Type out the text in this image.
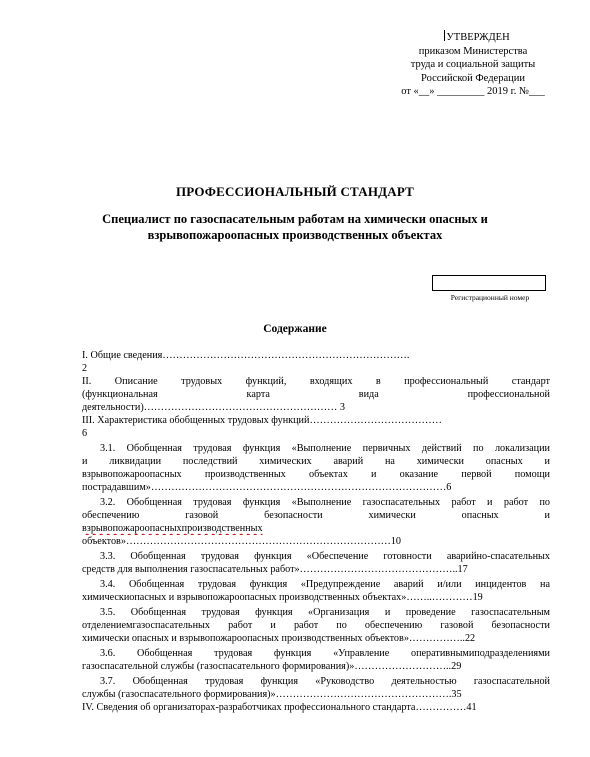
УТВЕРЖДЕН
приказом Министерства
труда и социальной защиты
Российской Федерации
от «__» _________ 2019 г. №___
ПРОФЕССИОНАЛЬНЫЙ СТАНДАРТ
Специалист по газоспасательным работам на химически опасных и
взрывопожароопасных производственных объектах
Регистрационный номер
Содержание
I. Общие сведения……………………………………………………………….
2
II. Описание трудовых функций, входящих в профессиональный стандарт
(функциональная карта вида профессиональной
деятельности)………………………………………………… 3
III. Характеристика обобщенных трудовых функций…………………………………
6
3.1. Обобщенная трудовая функция «Выполнение первичных действий по локализации
и ликвидации последствий химических аварий на химически опасных и
взрывопожароопасных производственных объектах и оказание первой помощи
пострадавшим»……………………………………………………………………………6
3.2. Обобщенная трудовая функция «Выполнение газоспасательных работ и работ по
обеспечению газовой безопасности химически опасных и
взрывопожароопасныхпроизводственных
объектов»……………………………………………………………………10
3.3. Обобщенная трудовая функция «Обеспечение готовности аварийно-спасательных
средств для выполнения газоспасательных работ»………………………………………..17
3.4. Обобщенная трудовая функция «Предупреждение аварий и/или инцидентов на
химическиопасных и взрывопожароопасных производственных объектах»……..…………19
3.5. Обобщенная трудовая функция «Организация и проведение газоспасательным
отделениемгазоспасательных работ и работ по обеспечению газовой безопасности
химически опасных и взрывопожароопасных производственных объектов»……………..22
3.6. Обобщенная трудовая функция «Управление оперативнымиподразделениями
газоспасательной службы (газоспасательного формирования)»………………………..29
3.7. Обобщенная трудовая функция «Руководство деятельностью газоспасательной
службы (газоспасательного формирования)»…………………………………………….35
IV. Сведения об организаторах-разработчиках профессионального стандарта……………41
